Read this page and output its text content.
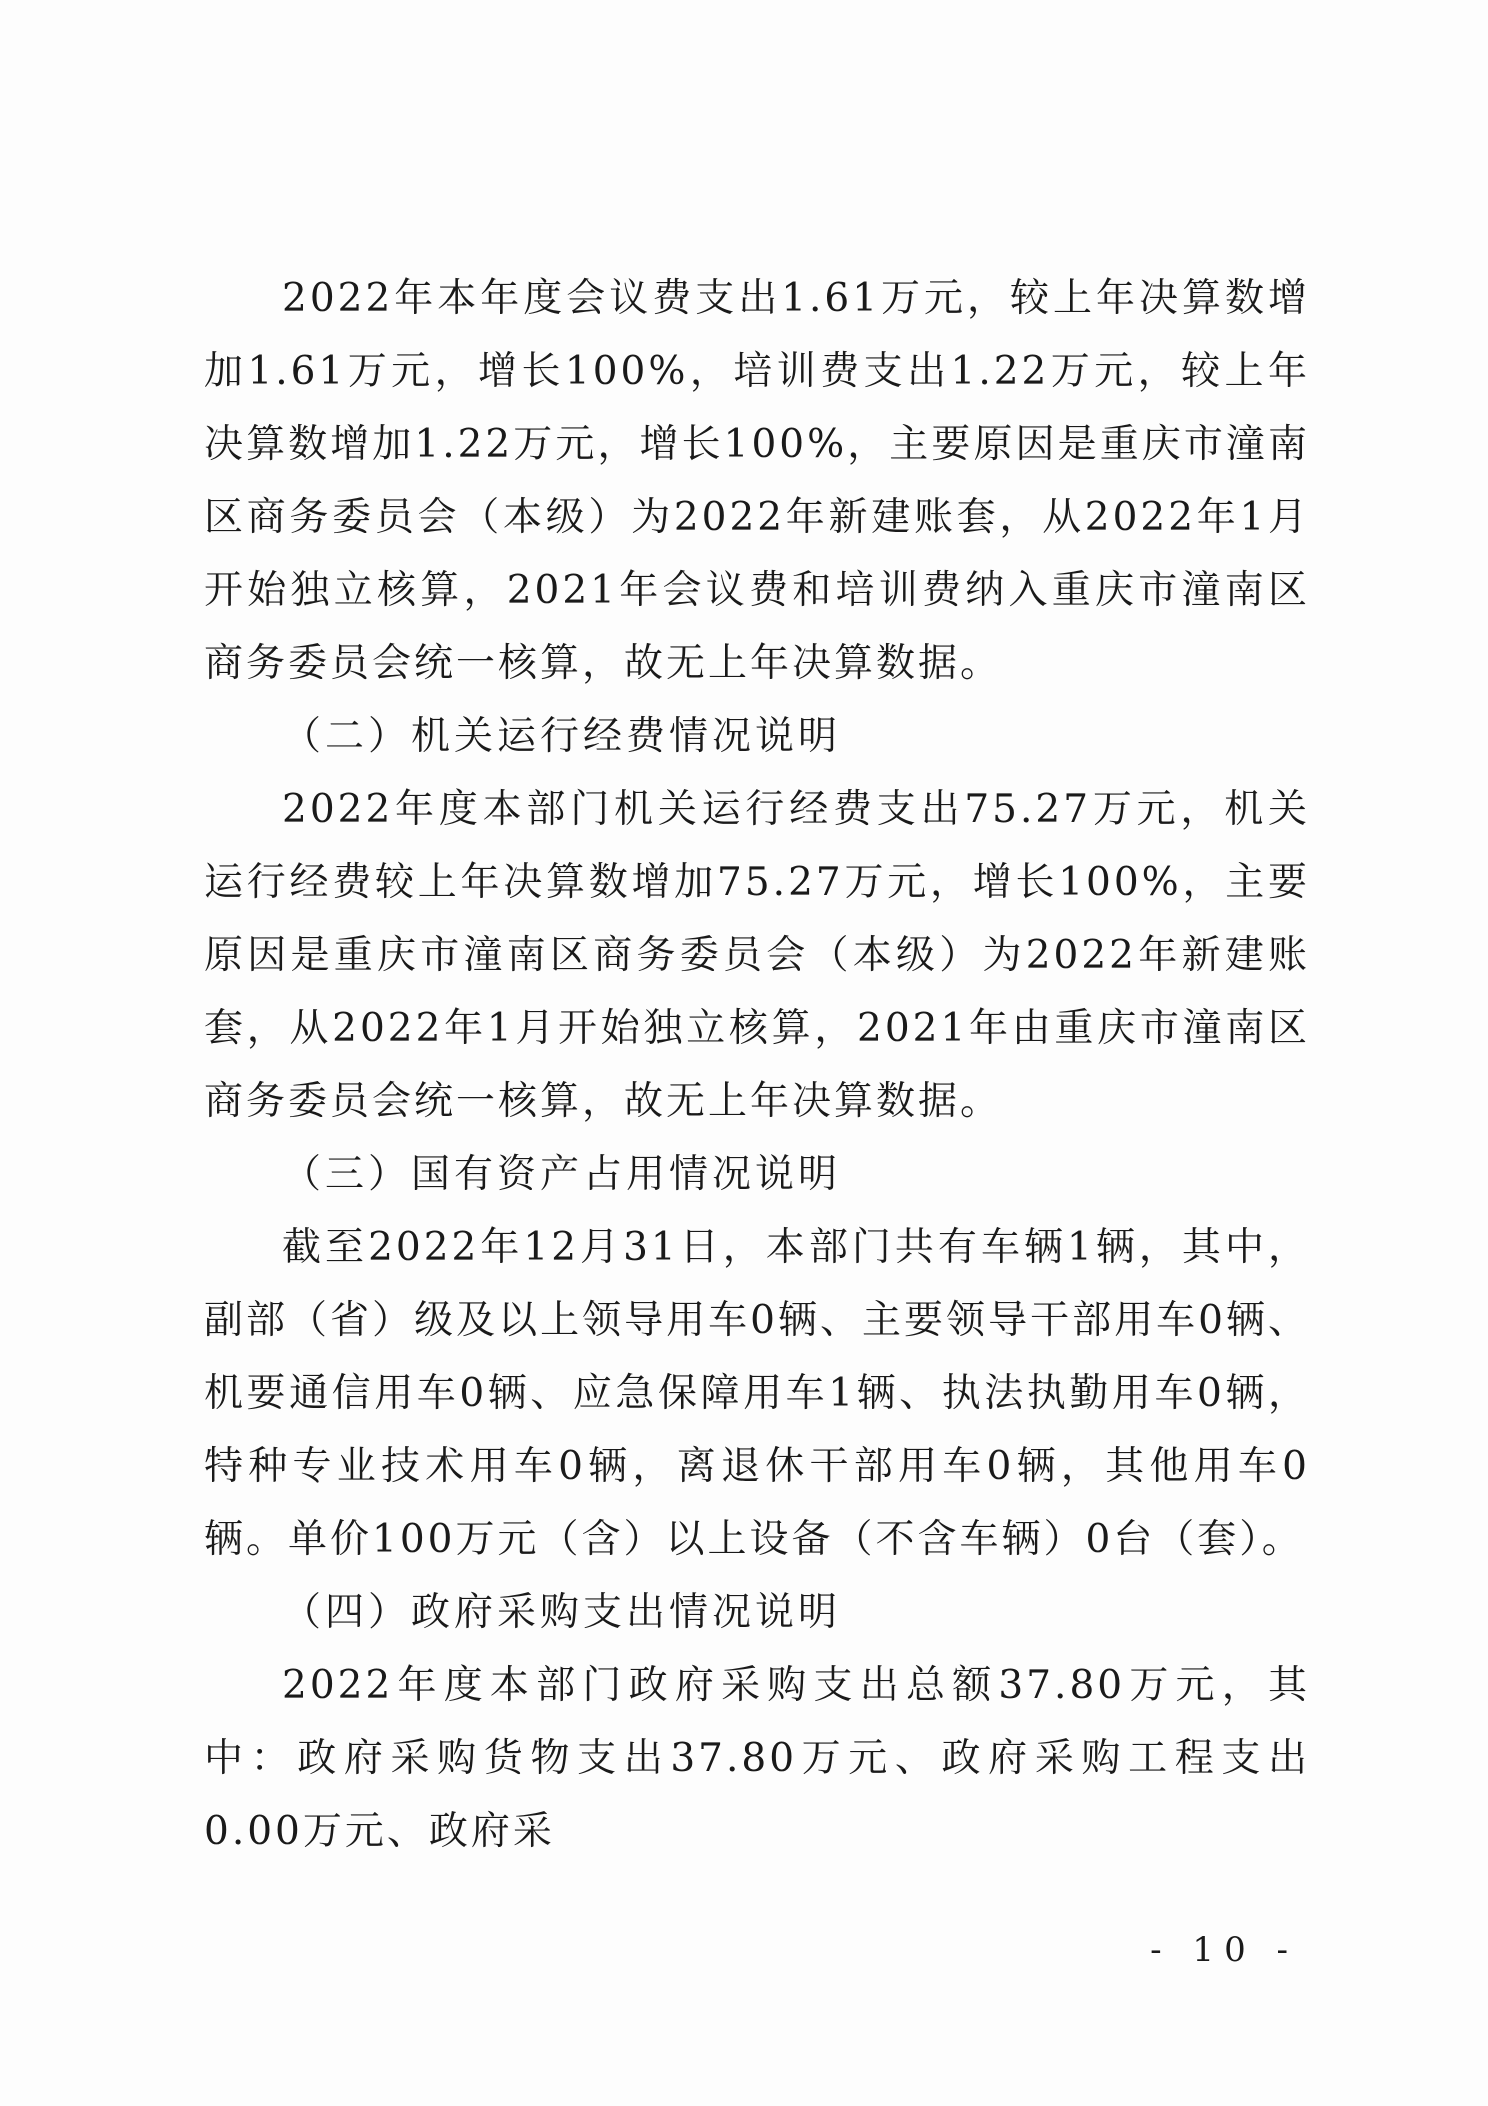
2022年本年度会议费支出1.61万元，较上年决算数增加1.61万元，增长100%，培训费支出1.22万元，较上年决算数增加1.22万元，增长100%，主要原因是重庆市潼南区商务委员会（本级）为2022年新建账套，从2022年1月开始独立核算，2021年会议费和培训费纳入重庆市潼南区商务委员会统一核算，故无上年决算数据。

（二）机关运行经费情况说明

2022年度本部门机关运行经费支出75.27万元，机关运行经费较上年决算数增加75.27万元，增长100%，主要原因是重庆市潼南区商务委员会（本级）为2022年新建账套，从2022年1月开始独立核算，2021年由重庆市潼南区商务委员会统一核算，故无上年决算数据。

（三）国有资产占用情况说明

截至2022年12月31日，本部门共有车辆1辆，其中，副部（省）级及以上领导用车0辆、主要领导干部用车0辆、机要通信用车0辆、应急保障用车1辆、执法执勤用车0辆，特种专业技术用车0辆，离退休干部用车0辆，其他用车0辆。单价100万元（含）以上设备（不含车辆）0台（套）。

（四）政府采购支出情况说明

2022年度本部门政府采购支出总额37.80万元，其中：政府采购货物支出37.80万元、政府采购工程支出0.00万元、政府采

- 10 -
